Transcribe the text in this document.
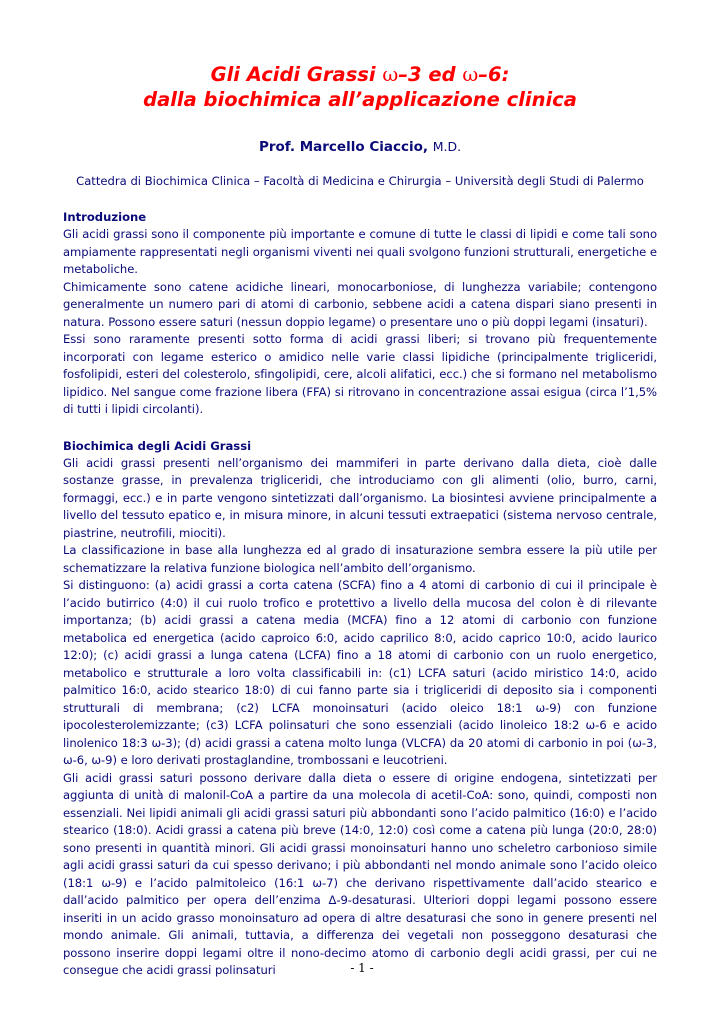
Gli Acidi Grassi ω–3 ed ω–6:
dalla biochimica all’applicazione clinica
Prof. Marcello Ciaccio, M.D.
Cattedra di Biochimica Clinica – Facoltà di Medicina e Chirurgia – Università degli Studi di Palermo
Introduzione

Gli acidi grassi sono il componente più importante e comune di tutte le classi di lipidi e come tali sono ampiamente rappresentati negli organismi viventi nei quali svolgono funzioni strutturali, energetiche e metaboliche.

Chimicamente sono catene acidiche lineari, monocarboniose, di lunghezza variabile; contengono generalmente un numero pari di atomi di carbonio, sebbene acidi a catena dispari siano presenti in natura. Possono essere saturi (nessun doppio legame) o presentare uno o più doppi legami (insaturi).

Essi sono raramente presenti sotto forma di acidi grassi liberi; si trovano più frequentemente incorporati con legame esterico o amidico nelle varie classi lipidiche (principalmente trigliceridi, fosfolipidi, esteri del colesterolo, sfingolipidi, cere, alcoli alifatici, ecc.) che si formano nel metabolismo lipidico. Nel sangue come frazione libera (FFA) si ritrovano in concentrazione assai esigua (circa l’1,5% di tutti i lipidi circolanti).

Biochimica degli Acidi Grassi

Gli acidi grassi presenti nell’organismo dei mammiferi in parte derivano dalla dieta, cioè dalle sostanze grasse, in prevalenza trigliceridi, che introduciamo con gli alimenti (olio, burro, carni, formaggi, ecc.) e in parte vengono sintetizzati dall’organismo. La biosintesi avviene principalmente a livello del tessuto epatico e, in misura minore, in alcuni tessuti extraepatici (sistema nervoso centrale, piastrine, neutrofili, miociti).

La classificazione in base alla lunghezza ed al grado di insaturazione sembra essere la più utile per schematizzare la relativa funzione biologica nell’ambito dell’organismo.

Si distinguono: (a) acidi grassi a corta catena (SCFA) fino a 4 atomi di carbonio di cui il principale è l’acido butirrico (4:0) il cui ruolo trofico e protettivo a livello della mucosa del colon è di rilevante importanza; (b) acidi grassi a catena media (MCFA) fino a 12 atomi di carbonio con funzione metabolica ed energetica (acido caproico 6:0, acido caprilico 8:0, acido caprico 10:0, acido laurico 12:0); (c) acidi grassi a lunga catena (LCFA) fino a 18 atomi di carbonio con un ruolo energetico, metabolico e strutturale a loro volta classificabili in: (c1) LCFA saturi (acido miristico 14:0, acido palmitico 16:0, acido stearico 18:0) di cui fanno parte sia i trigliceridi di deposito sia i componenti strutturali di membrana; (c2) LCFA monoinsaturi (acido oleico 18:1 ω-9) con funzione ipocolesterolemizzante; (c3) LCFA polinsaturi che sono essenziali (acido linoleico 18:2 ω-6 e acido linolenico 18:3 ω-3); (d) acidi grassi a catena molto lunga (VLCFA) da 20 atomi di carbonio in poi (ω-3, ω-6, ω-9) e loro derivati prostaglandine, trombossani e leucotrieni.

Gli acidi grassi saturi possono derivare dalla dieta o essere di origine endogena, sintetizzati per aggiunta di unità di malonil-CoA a partire da una molecola di acetil-CoA: sono, quindi, composti non essenziali. Nei lipidi animali gli acidi grassi saturi più abbondanti sono l’acido palmitico (16:0) e l’acido stearico (18:0). Acidi grassi a catena più breve (14:0, 12:0) così come a catena più lunga (20:0, 28:0) sono presenti in quantità minori. Gli acidi grassi monoinsaturi hanno uno scheletro carbonioso simile agli acidi grassi saturi da cui spesso derivano; i più abbondanti nel mondo animale sono l’acido oleico (18:1 ω-9) e l’acido palmitoleico (16:1 ω-7) che derivano rispettivamente dall’acido stearico e dall’acido palmitico per opera dell’enzima Δ-9-desaturasi. Ulteriori doppi legami possono essere inseriti in un acido grasso monoinsaturo ad opera di altre desaturasi che sono in genere presenti nel mondo animale. Gli animali, tuttavia, a differenza dei vegetali non posseggono desaturasi che possono inserire doppi legami oltre il nono-decimo atomo di carbonio degli acidi grassi, per cui ne consegue che acidi grassi polinsaturi	- 1 -
